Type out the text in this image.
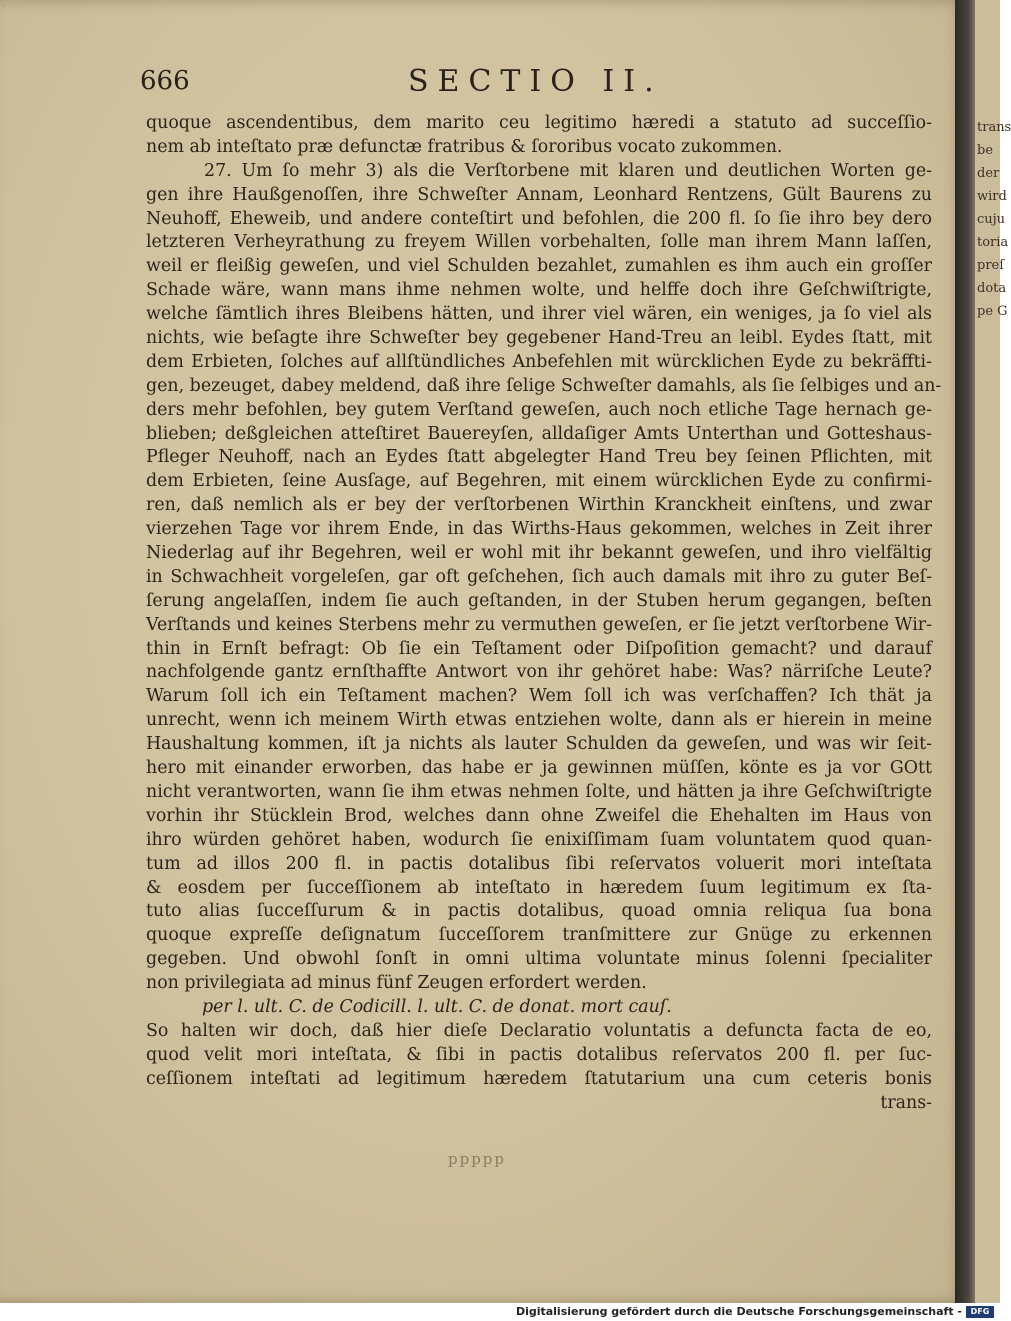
·
666	SECTIO II.
quoque ascendentibus, dem marito ceu legitimo hæredi a statuto ad succeſſio-
nem ab inteſtato præ defunctæ fratribus & ſororibus vocato zukommen.
27. Um ſo mehr 3) als die Verſtorbene mit klaren und deutlichen Worten ge-
gen ihre Haußgenoſſen, ihre Schweſter Annam, Leonhard Rentzens, Gült Baurens zu
Neuhoff, Eheweib, und andere conteſtirt und befohlen, die 200 fl. ſo ſie ihro bey dero
letzteren Verheyrathung zu freyem Willen vorbehalten, ſolle man ihrem Mann laſſen,
weil er fleißig geweſen, und viel Schulden bezahlet, zumahlen es ihm auch ein groſſer
Schade wäre, wann mans ihme nehmen wolte, und helffe doch ihre Geſchwiſtrigte,
welche ſämtlich ihres Bleibens hätten, und ihrer viel wären, ein weniges, ja ſo viel als
nichts, wie beſagte ihre Schweſter bey gegebener Hand-Treu an leibl. Eydes ſtatt, mit
dem Erbieten, ſolches auf allſtündliches Anbefehlen mit würcklichen Eyde zu bekräffti-
gen, bezeuget, dabey meldend, daß ihre ſelige Schweſter damahls, als ſie ſelbiges und an-
ders mehr befohlen, bey gutem Verſtand geweſen, auch noch etliche Tage hernach ge-
blieben; deßgleichen atteſtiret Bauereyſen, alldaſiger Amts Unterthan und Gotteshaus-
Pfleger Neuhoff, nach an Eydes ſtatt abgelegter Hand Treu bey ſeinen Pflichten, mit
dem Erbieten, ſeine Ausſage, auf Begehren, mit einem würcklichen Eyde zu confirmi-
ren, daß nemlich als er bey der verſtorbenen Wirthin Kranckheit einſtens, und zwar
vierzehen Tage vor ihrem Ende, in das Wirths-Haus gekommen, welches in Zeit ihrer
Niederlag auf ihr Begehren, weil er wohl mit ihr bekannt geweſen, und ihro vielfältig
in Schwachheit vorgeleſen, gar oft geſchehen, ſich auch damals mit ihro zu guter Beſ-
ſerung angelaſſen, indem ſie auch geſtanden, in der Stuben herum gegangen, beſten
Verſtands und keines Sterbens mehr zu vermuthen geweſen, er ſie jetzt verſtorbene Wir-
thin in Ernſt befragt: Ob ſie ein Teſtament oder Diſpoſition gemacht? und darauf
nachfolgende gantz ernſthaffte Antwort von ihr gehöret habe: Was? närriſche Leute?
Warum ſoll ich ein Teſtament machen? Wem ſoll ich was verſchaffen? Ich thät ja
unrecht, wenn ich meinem Wirth etwas entziehen wolte, dann als er hierein in meine
Haushaltung kommen, iſt ja nichts als lauter Schulden da geweſen, und was wir ſeit-
hero mit einander erworben, das habe er ja gewinnen müſſen, könte es ja vor GOtt
nicht verantworten, wann ſie ihm etwas nehmen ſolte, und hätten ja ihre Geſchwiſtrigte
vorhin ihr Stücklein Brod, welches dann ohne Zweifel die Ehehalten im Haus von
ihro würden gehöret haben, wodurch ſie enixiſſimam ſuam voluntatem quod quan-
tum ad illos 200 fl. in pactis dotalibus ſibi reſervatos voluerit mori inteſtata
& eosdem per ſucceſſionem ab inteſtato in hæredem ſuum legitimum ex ſta-
tuto alias ſucceſſurum & in pactis dotalibus, quoad omnia reliqua ſua bona
quoque expreſſe deſignatum ſucceſſorem tranſmittere zur Gnüge zu erkennen
gegeben. Und obwohl ſonſt in omni ultima voluntate minus ſolenni ſpecialiter
non privilegiata ad minus fünf Zeugen erfordert werden.
per l. ult. C. de Codicill. l. ult. C. de donat. mort cauſ.
So halten wir doch, daß hier dieſe Declaratio voluntatis a defuncta facta de eo,
quod velit mori inteſtata, & ſibi in pactis dotalibus reſervatos 200 fl. per ſuc-
ceſſionem inteſtati ad legitimum hæredem ſtatutarium una cum ceteris bonis
trans-
ppppp
trans
be
der
wird
cuju
toria
preſ
dota
pe G
Digitalisierung gefördert durch die Deutsche Forschungsgemeinschaft -	DFG
